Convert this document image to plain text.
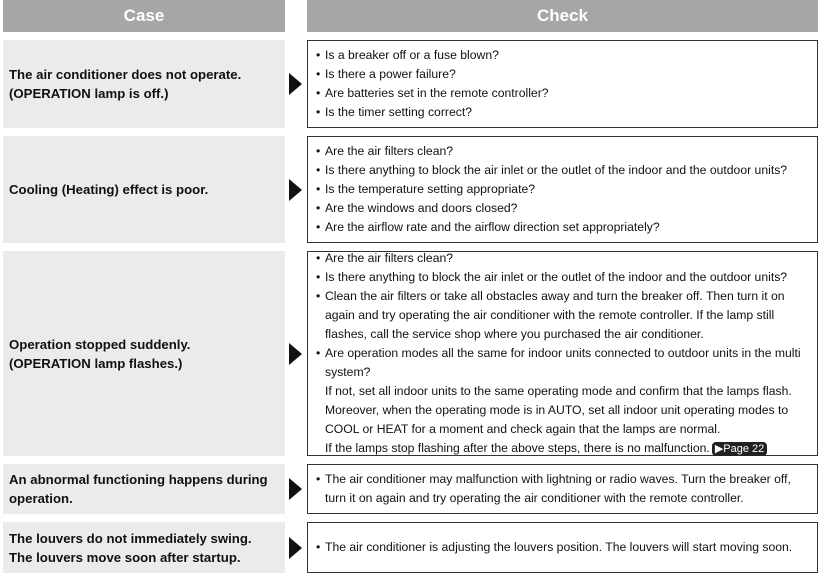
Case	Check
The air conditioner does not operate.
(OPERATION lamp is off.)
• Is a breaker off or a fuse blown?
• Is there a power failure?
• Are batteries set in the remote controller?
• Is the timer setting correct?
Cooling (Heating) effect is poor.
• Are the air filters clean?
• Is there anything to block the air inlet or the outlet of the indoor and the outdoor units?
• Is the temperature setting appropriate?
• Are the windows and doors closed?
• Are the airflow rate and the airflow direction set appropriately?
Operation stopped suddenly.
(OPERATION lamp flashes.)
• Are the air filters clean?
• Is there anything to block the air inlet or the outlet of the indoor and the outdoor units?
• Clean the air filters or take all obstacles away and turn the breaker off. Then turn it on
again and try operating the air conditioner with the remote controller. If the lamp still
flashes, call the service shop where you purchased the air conditioner.
• Are operation modes all the same for indoor units connected to outdoor units in the multi
system?
If not, set all indoor units to the same operating mode and confirm that the lamps flash.
Moreover, when the operating mode is in AUTO, set all indoor unit operating modes to
COOL or HEAT for a moment and check again that the lamps are normal.
If the lamps stop flashing after the above steps, there is no malfunction. ▶Page 22
An abnormal functioning happens during
operation.
• The air conditioner may malfunction with lightning or radio waves. Turn the breaker off,
turn it on again and try operating the air conditioner with the remote controller.
The louvers do not immediately swing.
The louvers move soon after startup.
• The air conditioner is adjusting the louvers position. The louvers will start moving soon.
